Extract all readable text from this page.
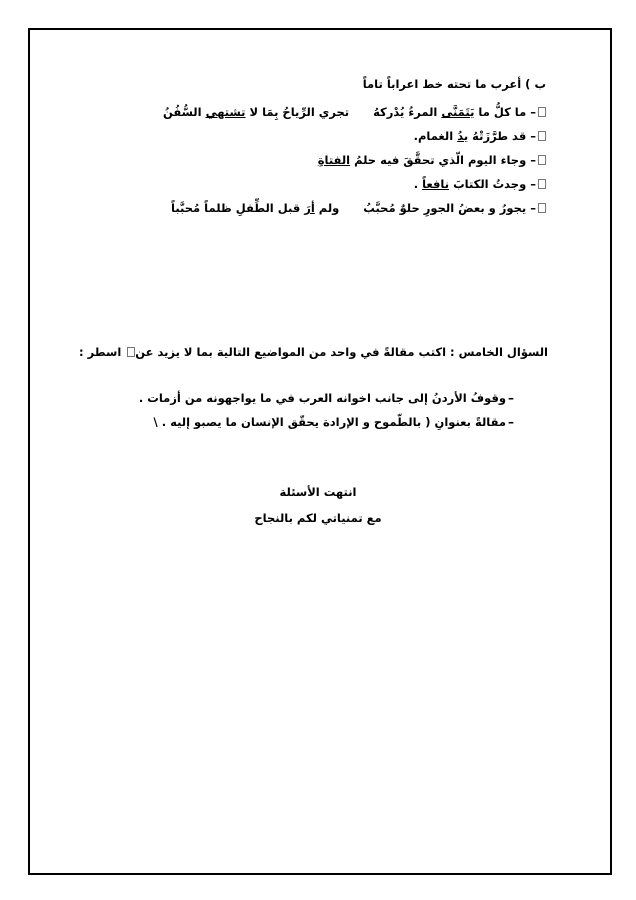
ب ) أعرب ما تحته خط اعراباً تاماً
– ما كلُّ ما يَتَمَنَّى المرءُ يُدْركهُتجري الرِّياحُ بِمَا لا تشتهي السُّفُنُ
– قد طرَّزَتْهُ يدُ الغمام.
– وجاء اليوم الّذي تحقَّقَ فيه حلمُ الفتاةِ
– وجدتُ الكتابَ نافعاً .
– يجورُ و بعضُ الجورِ حلوٌ مُحبَّبُولم أرَ قبل الطِّفلِ ظلماً مُحبَّباً
السؤال الخامس : اكتب مقالةً في واحد من المواضيع التالية بما لا يزيد عن اسطر :
وقوفُ الأردنُ إلى جانب اخوانه العرب في ما يواجهونه من أزمات . –
مقالةً بعنوانِ ( بالطّموح و الإرادة يحقّق الإنسان ما يصبو إليه . \ –
انتهت الأسئلة
مع تمنياتي لكم بالنجاح
